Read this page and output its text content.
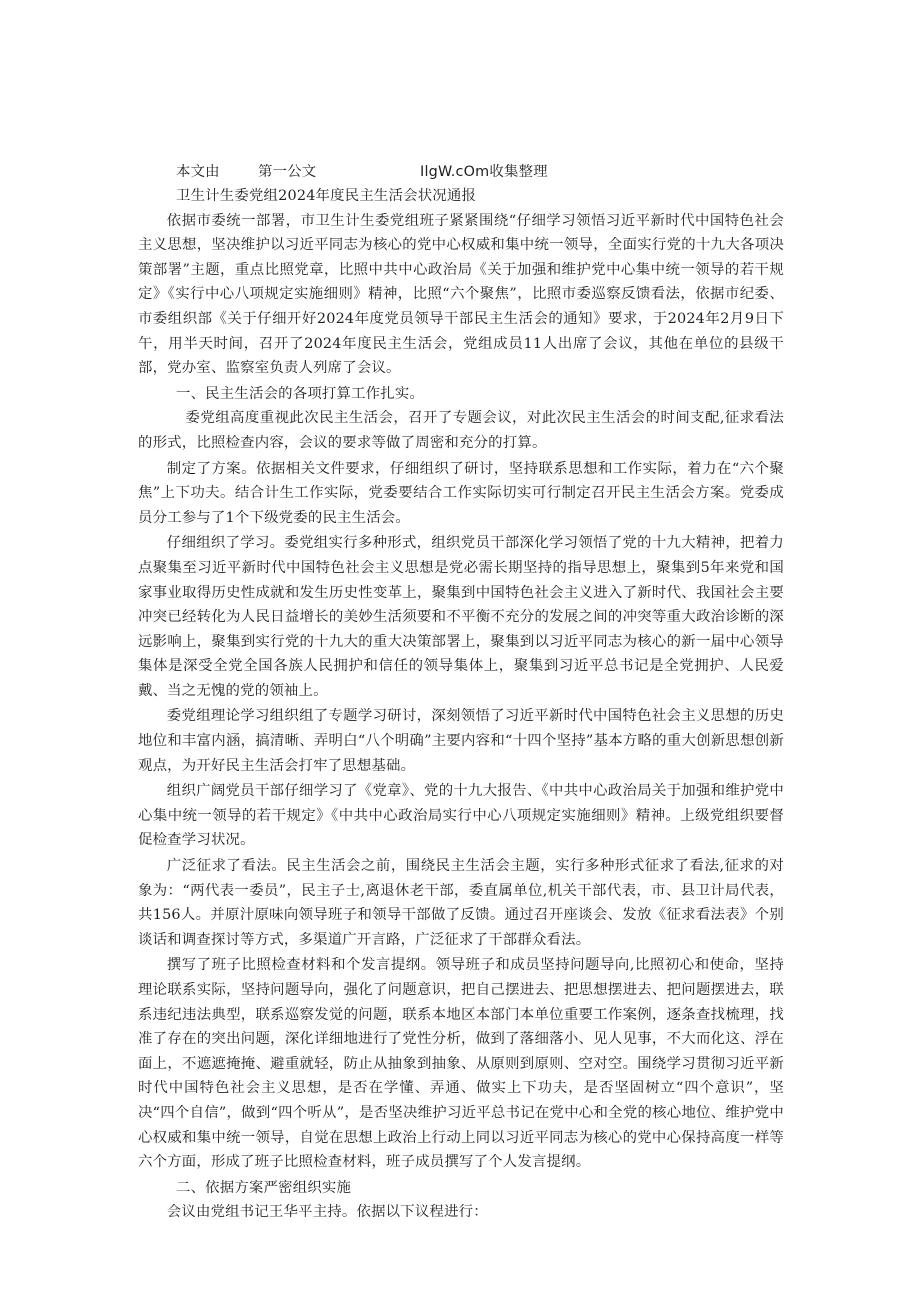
本文由	第一公文	IlgW.cOm收集整理
卫生计生委党组2024年度民主生活会状况通报

依据市委统一部署，市卫生计生委党组班子紧紧围绕“仔细学习领悟习近平新时代中国特色社会主义思想，坚决维护以习近平同志为核心的党中心权威和集中统一领导，全面实行党的十九大各项决策部署”主题，重点比照党章，比照中共中心政治局《关于加强和维护党中心集中统一领导的若干规定》《实行中心八项规定实施细则》精神，比照“六个聚焦”，比照市委巡察反馈看法，依据市纪委、市委组织部《关于仔细开好2024年度党员领导干部民主生活会的通知》要求，于2024年2月9日下午，用半天时间，召开了2024年度民主生活会，党组成员11人出席了会议，其他在单位的县级干部，党办室、监察室负责人列席了会议。

一、民主生活会的各项打算工作扎实。

委党组高度重视此次民主生活会，召开了专题会议，对此次民主生活会的时间支配,征求看法的形式，比照检查内容，会议的要求等做了周密和充分的打算。

制定了方案。依据相关文件要求，仔细组织了研讨，坚持联系思想和工作实际，着力在“六个聚焦”上下功夫。结合计生工作实际，党委要结合工作实际切实可行制定召开民主生活会方案。党委成员分工参与了1个下级党委的民主生活会。

仔细组织了学习。委党组实行多种形式，组织党员干部深化学习领悟了党的十九大精神，把着力点聚集至习近平新时代中国特色社会主义思想是党必需长期坚持的指导思想上，聚集到5年来党和国家事业取得历史性成就和发生历史性变革上，聚集到中国特色社会主义进入了新时代、我国社会主要冲突已经转化为人民日益增长的美妙生活须要和不平衡不充分的发展之间的冲突等重大政治诊断的深远影响上，聚集到实行党的十九大的重大决策部署上，聚集到以习近平同志为核心的新一届中心领导集体是深受全党全国各族人民拥护和信任的领导集体上，聚集到习近平总书记是全党拥护、人民爱戴、当之无愧的党的领袖上。

委党组理论学习组织组了专题学习研讨，深刻领悟了习近平新时代中国特色社会主义思想的历史地位和丰富内涵，搞清晰、弄明白“八个明确”主要内容和“十四个坚持”基本方略的重大创新思想创新观点，为开好民主生活会打牢了思想基础。

组织广阔党员干部仔细学习了《党章》、党的十九大报告、《中共中心政治局关于加强和维护党中心集中统一领导的若干规定》《中共中心政治局实行中心八项规定实施细则》精神。上级党组织要督促检查学习状况。

广泛征求了看法。民主生活会之前，围绕民主生活会主题，实行多种形式征求了看法,征求的对象为：“两代表一委员”，民主子士,离退休老干部，委直属单位,机关干部代表，市、县卫计局代表，共156人。并原汁原味向领导班子和领导干部做了反馈。通过召开座谈会、发放《征求看法表》个别谈话和调查探讨等方式，多渠道广开言路，广泛征求了干部群众看法。

撰写了班子比照检查材料和个发言提纲。领导班子和成员坚持问题导向,比照初心和使命，坚持理论联系实际，坚持问题导向，强化了问题意识，把自己摆进去、把思想摆进去、把问题摆进去，联系违纪违法典型，联系巡察发觉的问题，联系本地区本部门本单位重要工作案例，逐条查找梳理，找准了存在的突出问题，深化详细地进行了党性分析，做到了落细落小、见人见事，不大而化这、浮在面上，不遮遮掩掩、避重就轻，防止从抽象到抽象、从原则到原则、空对空。围绕学习贯彻习近平新时代中国特色社会主义思想，是否在学懂、弄通、做实上下功夫，是否坚固树立“四个意识”，坚决“四个自信”，做到“四个听从”，是否坚决维护习近平总书记在党中心和全党的核心地位、维护党中心权威和集中统一领导，自觉在思想上政治上行动上同以习近平同志为核心的党中心保持高度一样等六个方面，形成了班子比照检查材料，班子成员撰写了个人发言提纲。

二、依据方案严密组织实施

会议由党组书记王华平主持。依据以下议程进行：
